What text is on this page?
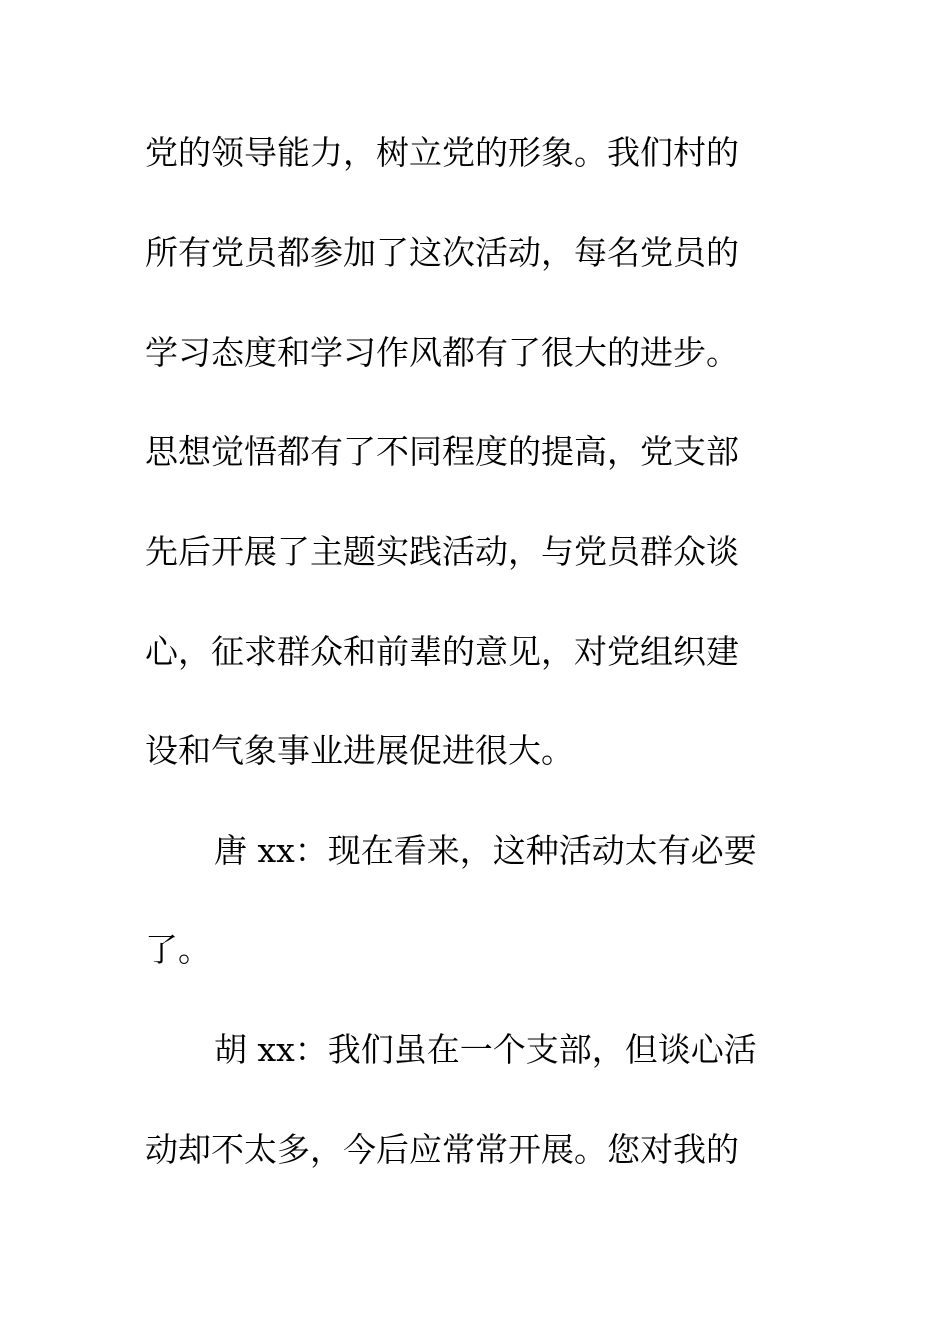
党的领导能力，树立党的形象。我们村的
所有党员都参加了这次活动，每名党员的
学习态度和学习作风都有了很大的进步。
思想觉悟都有了不同程度的提高，党支部
先后开展了主题实践活动，与党员群众谈
心，征求群众和前辈的意见，对党组织建
设和气象事业进展促进很大。
唐 xx：现在看来，这种活动太有必要
了。
胡 xx：我们虽在一个支部，但谈心活
动却不太多，今后应常常开展。您对我的
